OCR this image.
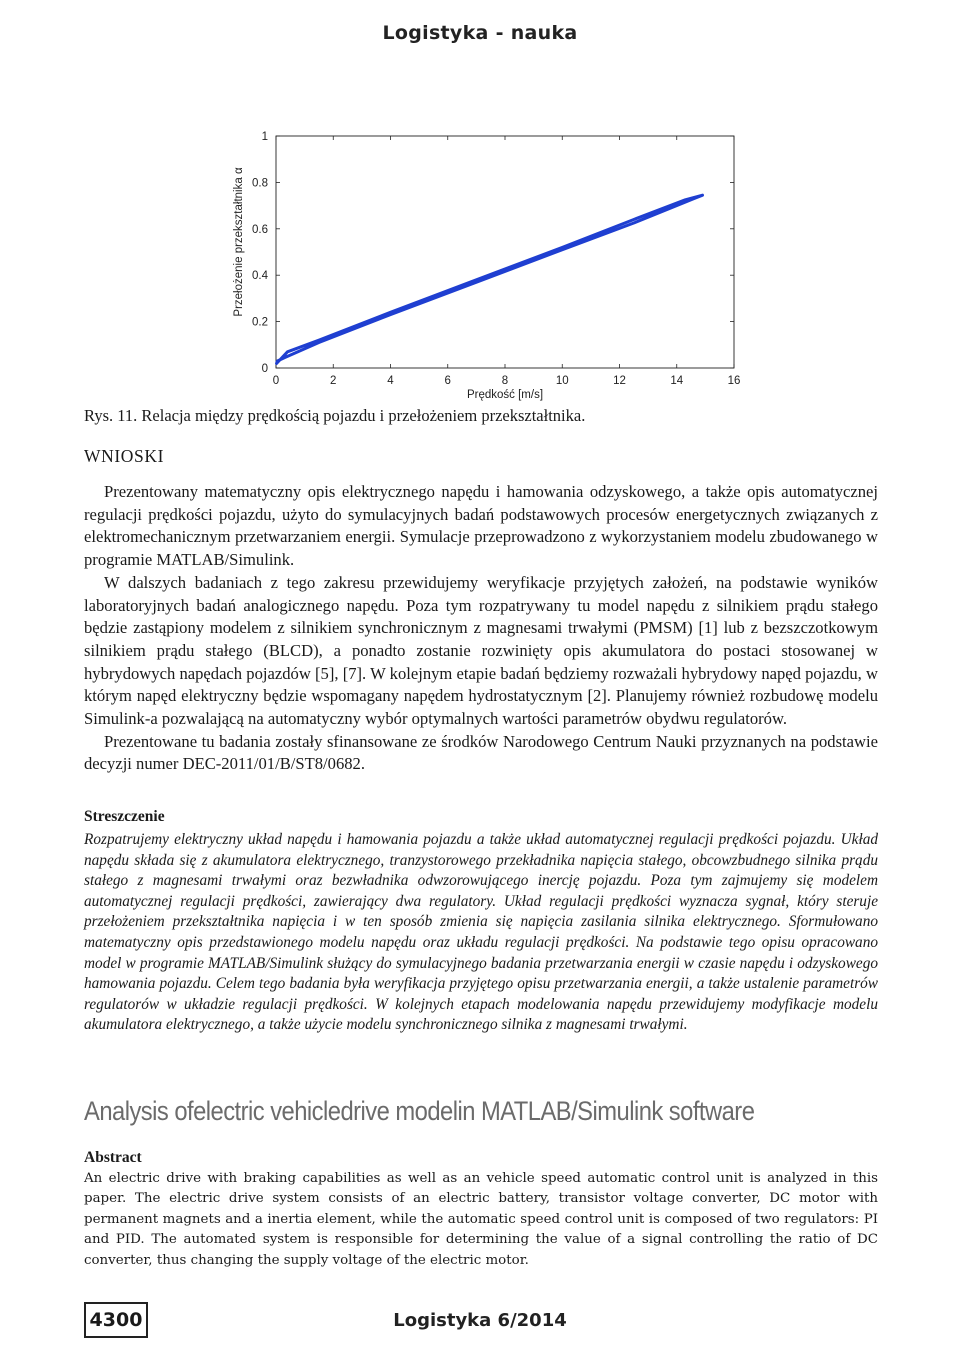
Logistyka - nauka
0	2	4	6	8	10	12	14	16
0
0.2
0.4
0.6
0.8
1
Prędkość [m/s]
Przełożenie przekształtnika α
Rys. 11. Relacja między prędkością pojazdu i przełożeniem przekształtnika.
WNIOSKI

Prezentowany matematyczny opis elektrycznego napędu i hamowania odzyskowego, a także opis automatycznej regulacji prędkości pojazdu, użyto do symulacyjnych badań podstawowych procesów energetycznych związanych z elektromechanicznym przetwarzaniem energii. Symulacje przeprowadzono z wykorzystaniem modelu zbudowanego w programie MATLAB/Simulink.

W dalszych badaniach z tego zakresu przewidujemy weryfikacje przyjętych założeń, na podstawie wyników laboratoryjnych badań analogicznego napędu. Poza tym rozpatrywany tu model napędu z silnikiem prądu stałego będzie zastąpiony modelem z silnikiem synchronicznym z magnesami trwałymi (PMSM) [1] lub z bezszczotkowym silnikiem prądu stałego (BLCD), a ponadto zostanie rozwinięty opis akumulatora do postaci stosowanej w hybrydowych napędach pojazdów [5], [7]. W kolejnym etapie badań będziemy rozważali hybrydowy napęd pojazdu, w którym napęd elektryczny będzie wspomagany napędem hydrostatycznym [2]. Planujemy również rozbudowę modelu Simulink-a pozwalającą na automatyczny wybór optymalnych wartości parametrów obydwu regulatorów.

Prezentowane tu badania zostały sfinansowane ze środków Narodowego Centrum Nauki przyznanych na podstawie decyzji numer DEC-2011/01/B/ST8/0682.

Streszczenie

Rozpatrujemy elektryczny układ napędu i hamowania pojazdu a także układ automatycznej regulacji prędkości pojazdu. Układ napędu składa się z akumulatora elektrycznego, tranzystorowego przekładnika napięcia stałego, obcowzbudnego silnika prądu stałego z magnesami trwałymi oraz bezwładnika odwzorowującego inercję pojazdu. Poza tym zajmujemy się modelem automatycznej regulacji prędkości, zawierający dwa regulatory. Układ regulacji prędkości wyznacza sygnał, który steruje przełożeniem przekształtnika napięcia i w ten sposób zmienia się napięcia zasilania silnika elektrycznego. Sformułowano matematyczny opis przedstawionego modelu napędu oraz układu regulacji prędkości. Na podstawie tego opisu opracowano model w programie MATLAB/Simulink służący do symulacyjnego badania przetwarzania energii w czasie napędu i odzyskowego hamowania pojazdu. Celem tego badania była weryfikacja przyjętego opisu przetwarzania energii, a także ustalenie parametrów regulatorów w układzie regulacji prędkości. W kolejnych etapach modelowania napędu przewidujemy modyfikacje modelu akumulatora elektrycznego, a także użycie modelu synchronicznego silnika z magnesami trwałymi.

Analysis ofelectric vehicledrive modelin MATLAB/Simulink software
Abstract

An electric drive with braking capabilities as well as an vehicle speed automatic control unit is analyzed in this paper. The electric drive system consists of an electric battery, transistor voltage converter, DC motor with permanent magnets and a inertia element, while the automatic speed control unit is composed of two regulators: PI and PID. The automated system is responsible for determining the value of a signal controlling the ratio of DC converter, thus changing the supply voltage of the electric motor.

4300	Logistyka 6/2014
